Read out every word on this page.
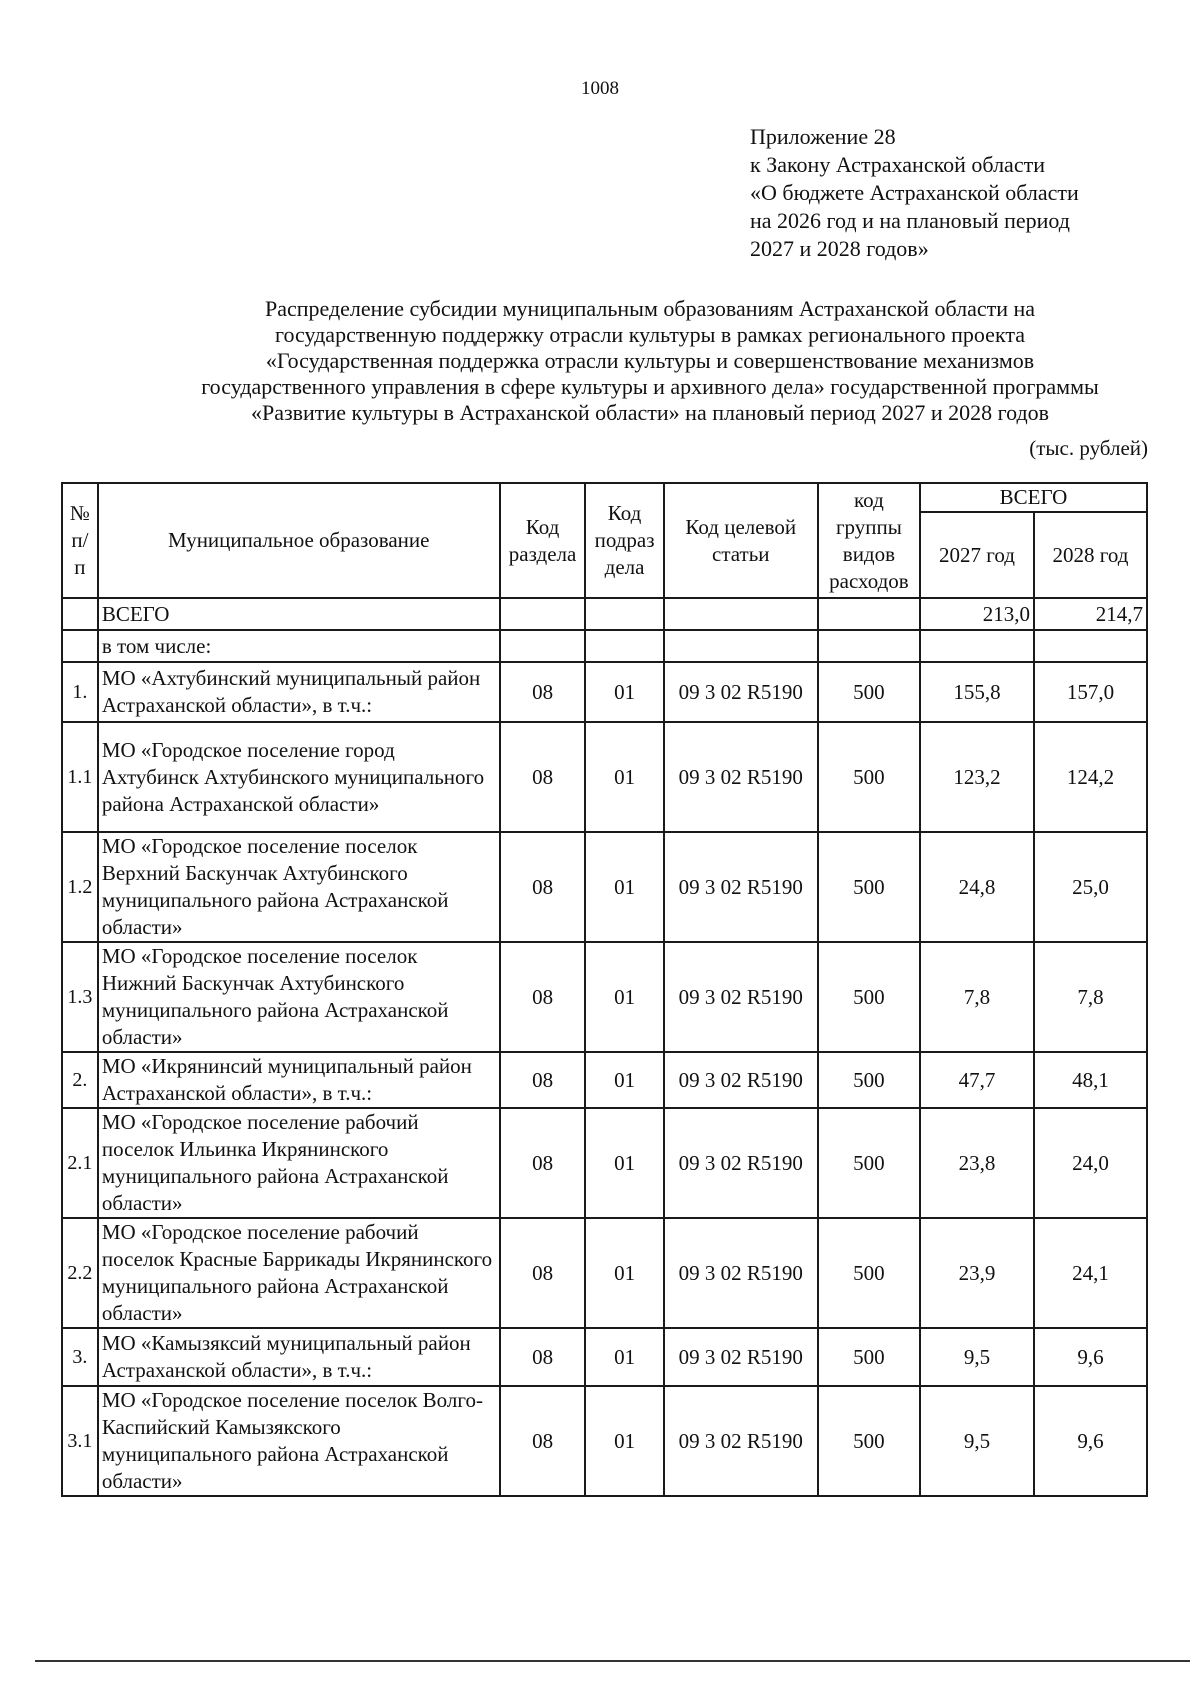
1008
Приложение 28
к Закону Астраханской области
«О бюджете Астраханской области
на 2026 год и на плановый период
2027 и 2028 годов»
Распределение субсидии муниципальным образованиям Астраханской области на
государственную поддержку отрасли культуры в рамках регионального проекта
«Государственная поддержка отрасли культуры и совершенствование механизмов
государственного управления в сфере культуры и архивного дела» государственной программы
«Развитие культуры в Астраханской области» на плановый период 2027 и 2028 годов
(тыс. рублей)
№ п/п	Муниципальное образование	Код раздела	Код подраз дела	Код целевой статьи	код группы видов расходов	ВСЕГО	
						2027 год	2028 год
	ВСЕГО					213,0	214,7
	в том числе:						
1.	МО «Ахтубинский муниципальный район Астраханской области», в т.ч.:	08	01	09 3 02 R5190	500	155,8	157,0
1.1	МО «Городское поселение город Ахтубинск Ахтубинского муниципального района Астраханской области»	08	01	09 3 02 R5190	500	123,2	124,2
1.2	МО «Городское поселение поселок Верхний Баскунчак Ахтубинского муниципального района Астраханской области»	08	01	09 3 02 R5190	500	24,8	25,0
1.3	МО «Городское поселение поселок Нижний Баскунчак Ахтубинского муниципального района Астраханской области»	08	01	09 3 02 R5190	500	7,8	7,8
2.	МО «Икрянинсий муниципальный район Астраханской области», в т.ч.:	08	01	09 3 02 R5190	500	47,7	48,1
2.1	МО «Городское поселение рабочий поселок Ильинка Икрянинского муниципального района Астраханской области»	08	01	09 3 02 R5190	500	23,8	24,0
2.2	МО «Городское поселение рабочий поселок Красные Баррикады Икрянинского муниципального района Астраханской области»	08	01	09 3 02 R5190	500	23,9	24,1
3.	МО «Камызяксий муниципальный район Астраханской области», в т.ч.:	08	01	09 3 02 R5190	500	9,5	9,6
3.1	МО «Городское поселение поселок Волго-Каспийский Камызякского муниципального района Астраханской области»	08	01	09 3 02 R5190	500	9,5	9,6
